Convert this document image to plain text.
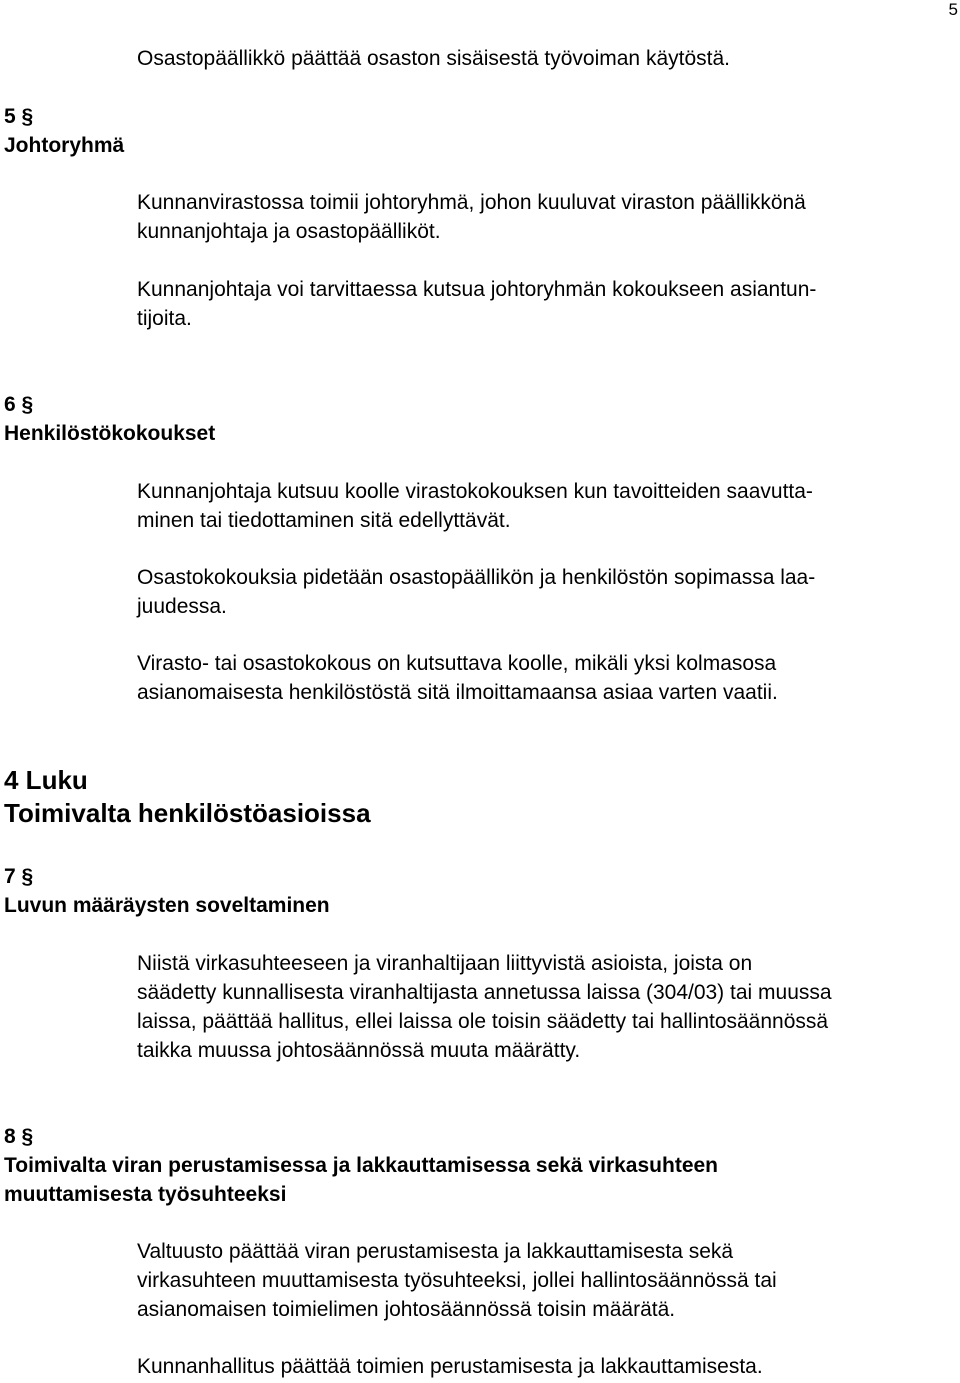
5

Osastopäällikkö päättää osaston sisäisestä työvoiman käytöstä.

5 §
Johtoryhmä

Kunnanvirastossa toimii johtoryhmä, johon kuuluvat viraston päällikkönä
kunnanjohtaja ja osastopäälliköt.

Kunnanjohtaja voi tarvittaessa kutsua johtoryhmän kokoukseen asiantun-
tijoita.

6 §
Henkilöstökokoukset

Kunnanjohtaja kutsuu koolle virastokokouksen kun tavoitteiden saavutta-
minen tai tiedottaminen sitä edellyttävät.

Osastokokouksia pidetään osastopäällikön ja henkilöstön sopimassa laa-
juudessa.

Virasto- tai osastokokous on kutsuttava koolle, mikäli yksi kolmasosa
asianomaisesta henkilöstöstä sitä ilmoittamaansa asiaa varten vaatii.

4 Luku
Toimivalta henkilöstöasioissa
7 §
Luvun määräysten soveltaminen

Niistä virkasuhteeseen ja viranhaltijaan liittyvistä asioista, joista on
säädetty kunnallisesta viranhaltijasta annetussa laissa (304/03) tai muussa
laissa, päättää hallitus, ellei laissa ole toisin säädetty tai hallintosäännössä
taikka muussa johtosäännössä muuta määrätty.

8 §
Toimivalta viran perustamisessa ja lakkauttamisessa sekä virkasuhteen
muuttamisesta työsuhteeksi

Valtuusto päättää viran perustamisesta ja lakkauttamisesta sekä
virkasuhteen muuttamisesta työsuhteeksi, jollei hallintosäännössä tai
asianomaisen toimielimen johtosäännössä toisin määrätä.

Kunnanhallitus päättää toimien perustamisesta ja lakkauttamisesta.
